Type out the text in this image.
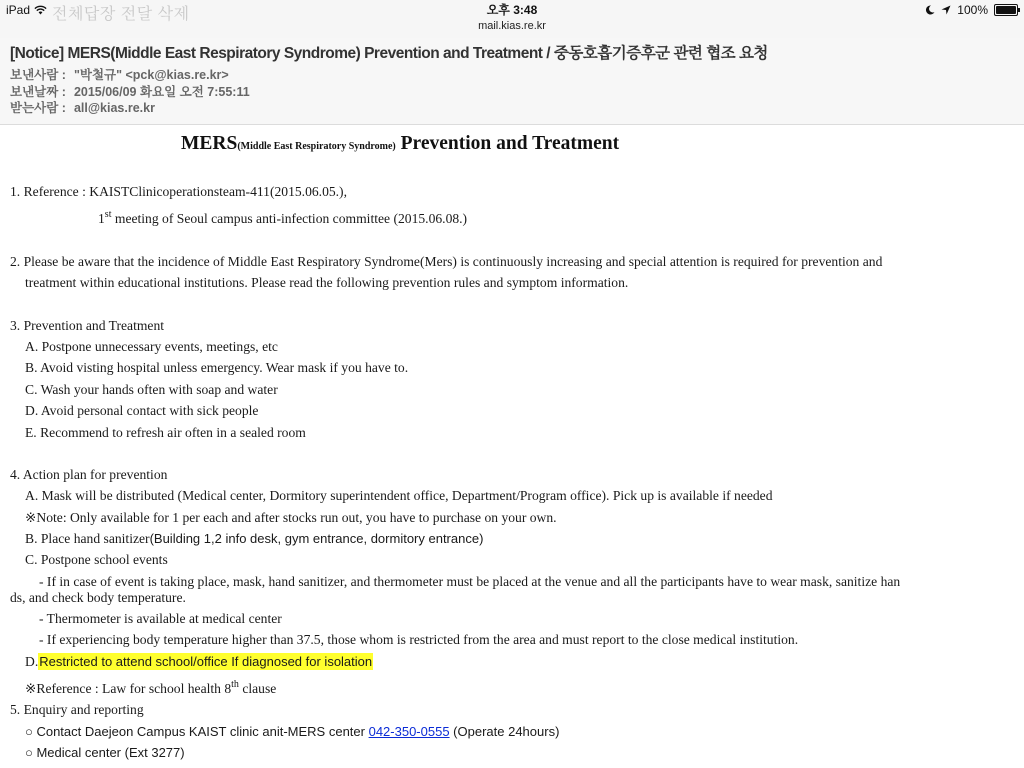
iPad 전체답장 전달 삭제	오후 3:48
mail.kias.re.kr
100%
[Notice] MERS(Middle East Respiratory Syndrome) Prevention and Treatment / 중동호흡기증후군 관련 협조 요청
보낸사람 : "박철규" <pck@kias.re.kr>
보낸날짜 : 2015/06/09 화요일 오전 7:55:11
받는사람 : all@kias.re.kr
MERS(Middle East Respiratory Syndrome) Prevention and Treatment
1. Reference : KAISTClinicoperationsteam-411(2015.06.05.),
1st meeting of Seoul campus anti-infection committee (2015.06.08.)
2. Please be aware that the incidence of Middle East Respiratory Syndrome(Mers) is continuously increasing and special attention is required for prevention and
treatment within educational institutions. Please read the following prevention rules and symptom information.
3. Prevention and Treatment
A. Postpone unnecessary events, meetings, etc
B. Avoid visting hospital unless emergency. Wear mask if you have to.
C. Wash your hands often with soap and water
D. Avoid personal contact with sick people
E. Recommend to refresh air often in a sealed room
4. Action plan for prevention
A. Mask will be distributed (Medical center, Dormitory superintendent office, Department/Program office). Pick up is available if needed
※Note: Only available for 1 per each and after stocks run out, you have to purchase on your own.
B. Place hand sanitizer(Building 1,2 info desk, gym entrance, dormitory entrance)
C. Postpone school events
- If in case of event is taking place, mask, hand sanitizer, and thermometer must be placed at the venue and all the participants have to wear mask, sanitize han
ds, and check body temperature.
- Thermometer is available at medical center
- If experiencing body temperature higher than 37.5, those whom is restricted from the area and must report to the close medical institution.
D.Restricted to attend school/office If diagnosed for isolation
※Reference : Law for school health 8th clause
5. Enquiry and reporting
○ Contact Daejeon Campus KAIST clinic anit-MERS center 042-350-0555 (Operate 24hours)
○ Medical center (Ext 3277)
